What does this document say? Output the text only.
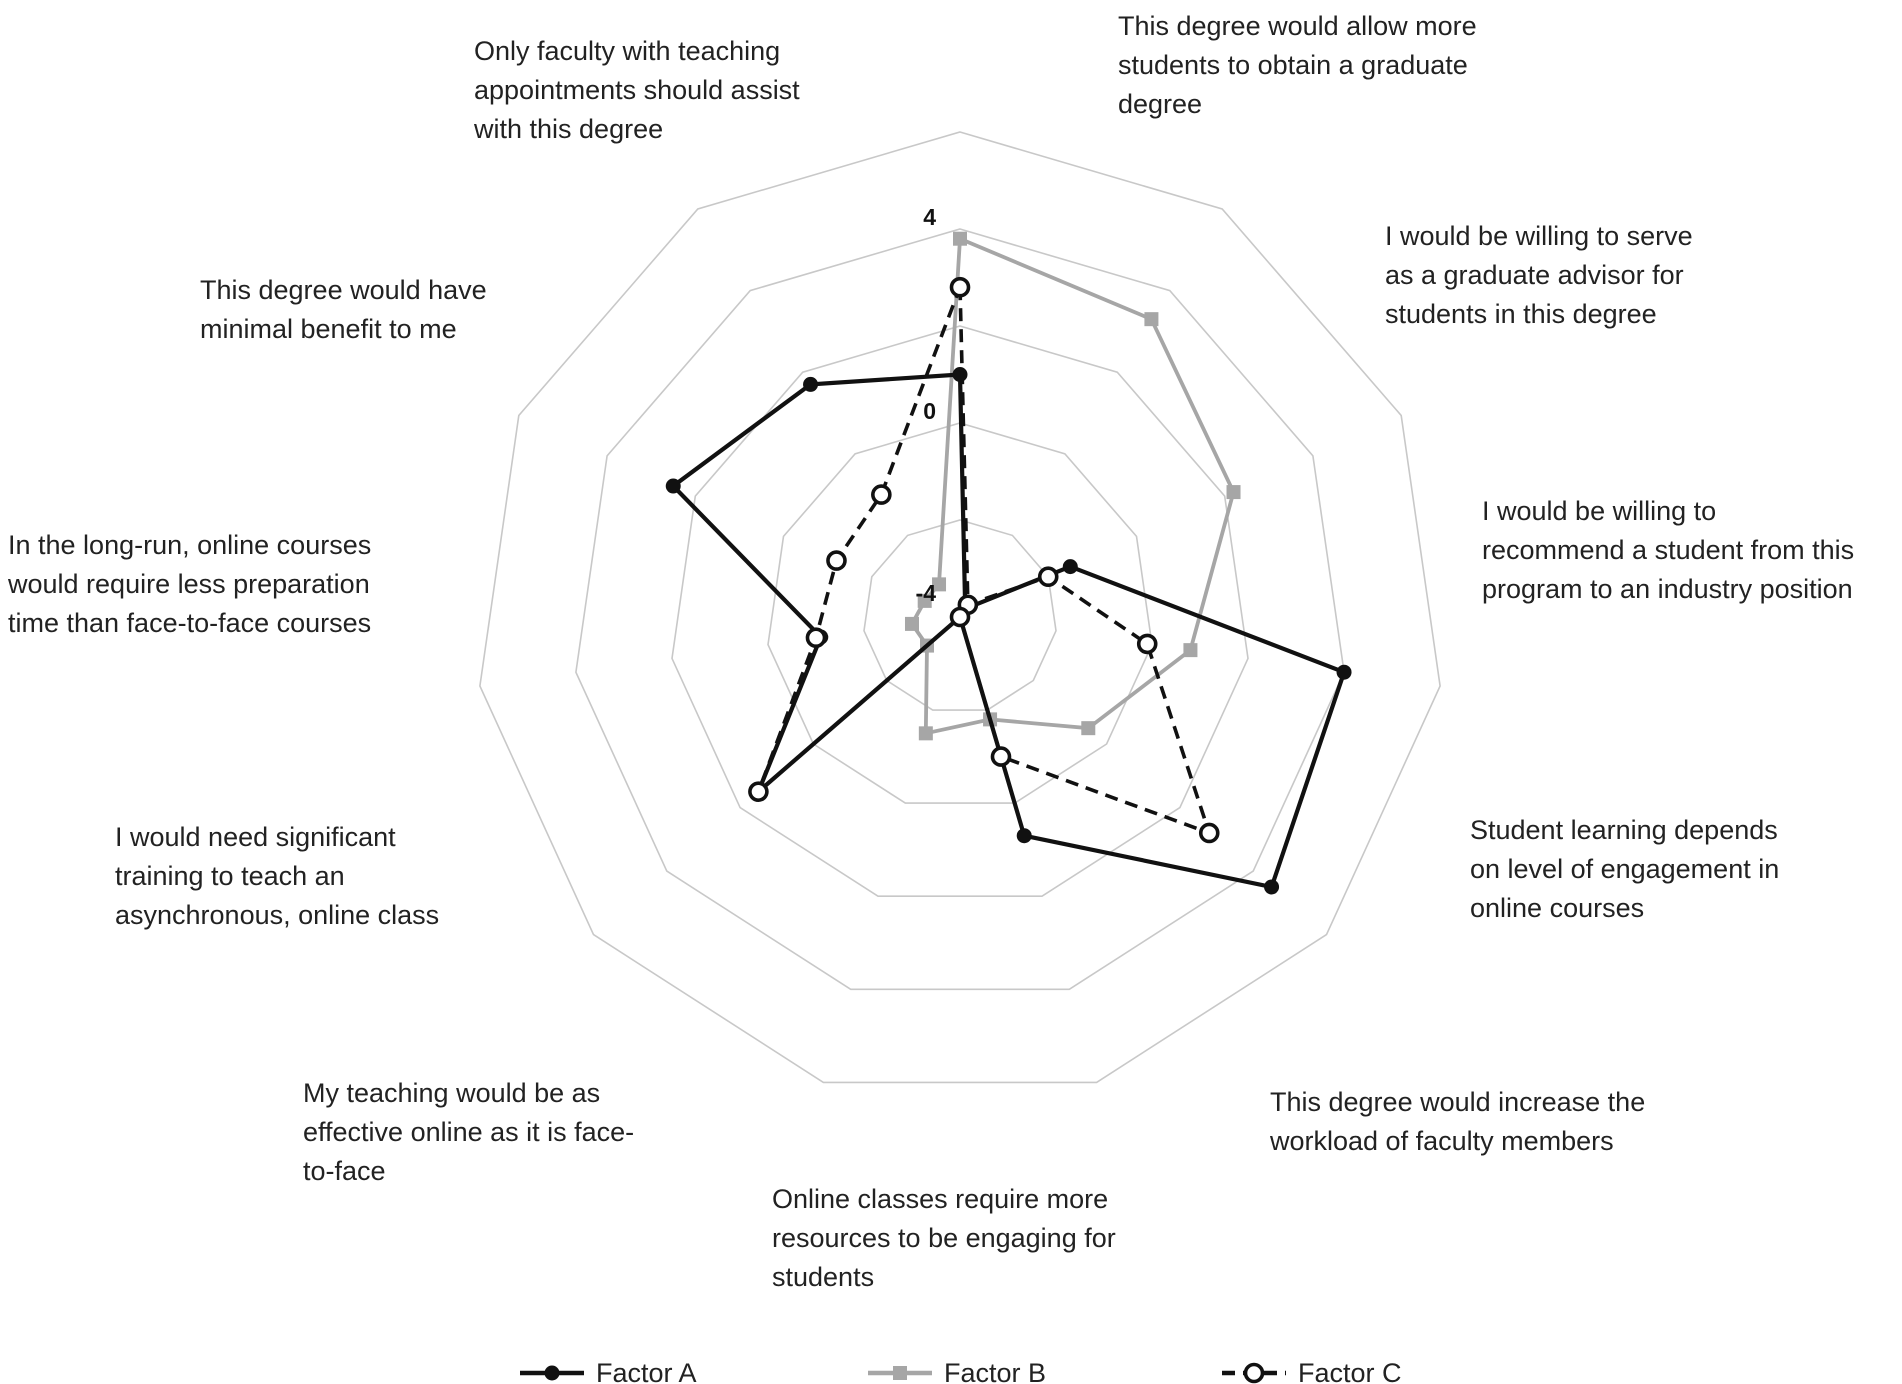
This degree would allow more students to obtain a graduate degree
I would be willing to serve as a graduate advisor for students in this degree
I would be willing to recommend a student from this program to an industry position
Student learning depends on level of engagement in online courses
This degree would increase the workload of faculty members
Online classes require more resources to be engaging for students
My teaching would be as effective online as it is face-to-face
I would need significant training to teach an asynchronous, online class
In the long-run, online courses would require less preparation time than face-to-face courses
This degree would have minimal benefit to me
Only faculty with teaching appointments should assist with this degree
-4
0
4
Factor A	Factor B	Factor C
